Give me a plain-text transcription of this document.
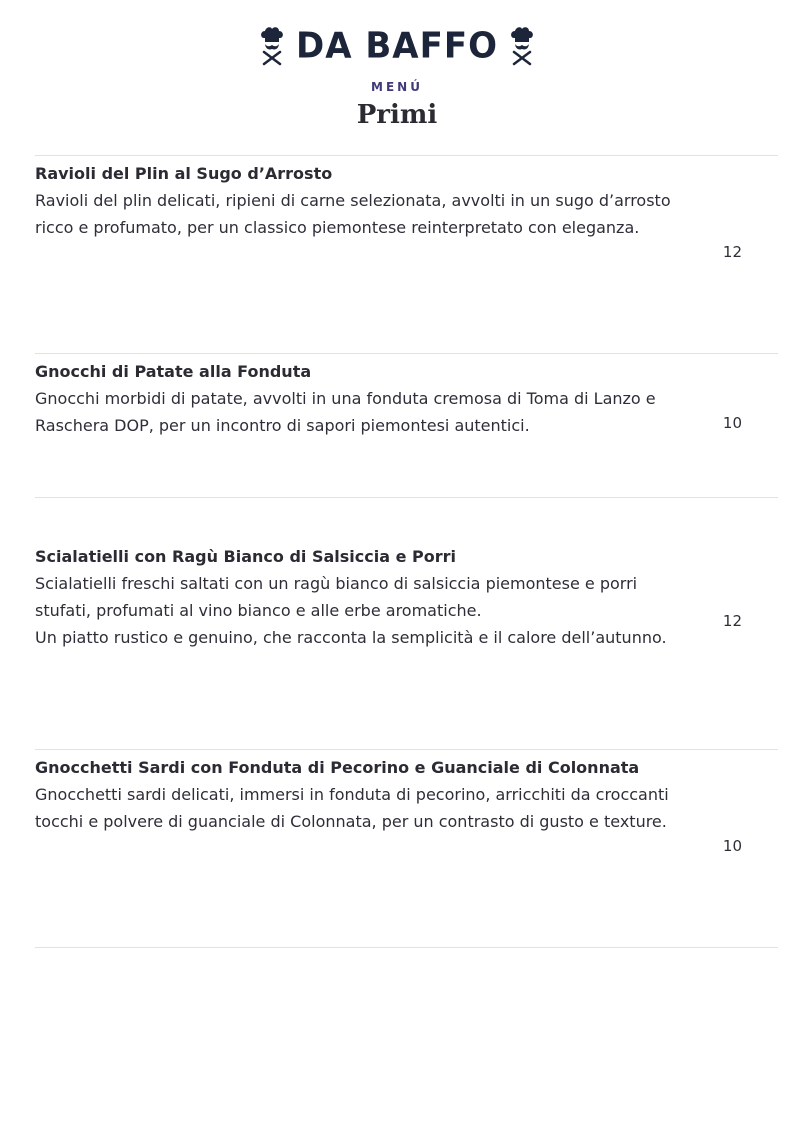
DA BAFFO
MENÚ
Primi
Ravioli del Plin al Sugo d’Arrosto
Ravioli del plin delicati, ripieni di carne selezionata, avvolti in un sugo d’arrosto ricco e profumato, per un classico piemontese reinterpretato con eleganza.
12
Gnocchi di Patate alla Fonduta
Gnocchi morbidi di patate, avvolti in una fonduta cremosa di Toma di Lanzo e Raschera DOP, per un incontro di sapori piemontesi autentici.	10
Scialatielli con Ragù Bianco di Salsiccia e Porri
Scialatielli freschi saltati con un ragù bianco di salsiccia piemontese e porri stufati, profumati al vino bianco e alle erbe aromatiche.
Un piatto rustico e genuino, che racconta la semplicità e il calore dell’autunno.
12
Gnocchetti Sardi con Fonduta di Pecorino e Guanciale di Colonnata
Gnocchetti sardi delicati, immersi in fonduta di pecorino, arricchiti da croccanti tocchi e polvere di guanciale di Colonnata, per un contrasto di gusto e texture.
10
